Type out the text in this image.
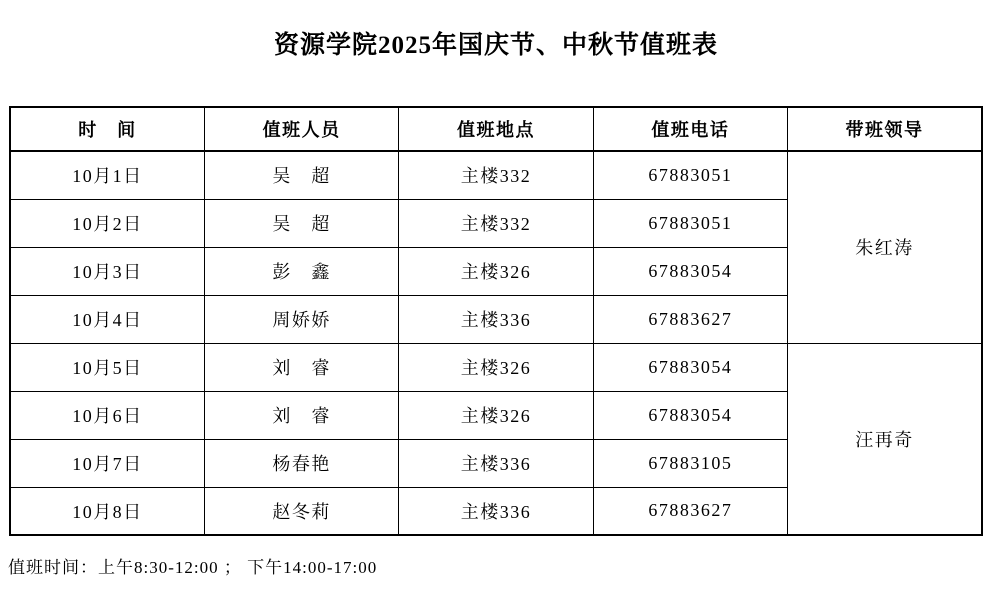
资源学院2025年国庆节、中秋节值班表
时　间	值班人员	值班地点	值班电话	带班领导
10月1日	吴　超	主楼332	67883051	朱红涛
10月2日	吴　超	主楼332	67883051	
10月3日	彭　鑫	主楼326	67883054	
10月4日	周娇娇	主楼336	67883627	
10月5日	刘　睿	主楼326	67883054	汪再奇
10月6日	刘　睿	主楼326	67883054	
10月7日	杨春艳	主楼336	67883105	
10月8日	赵冬莉	主楼336	67883627	
值班时间：上午8:30-12:00 ； 下午14:00-17:00
